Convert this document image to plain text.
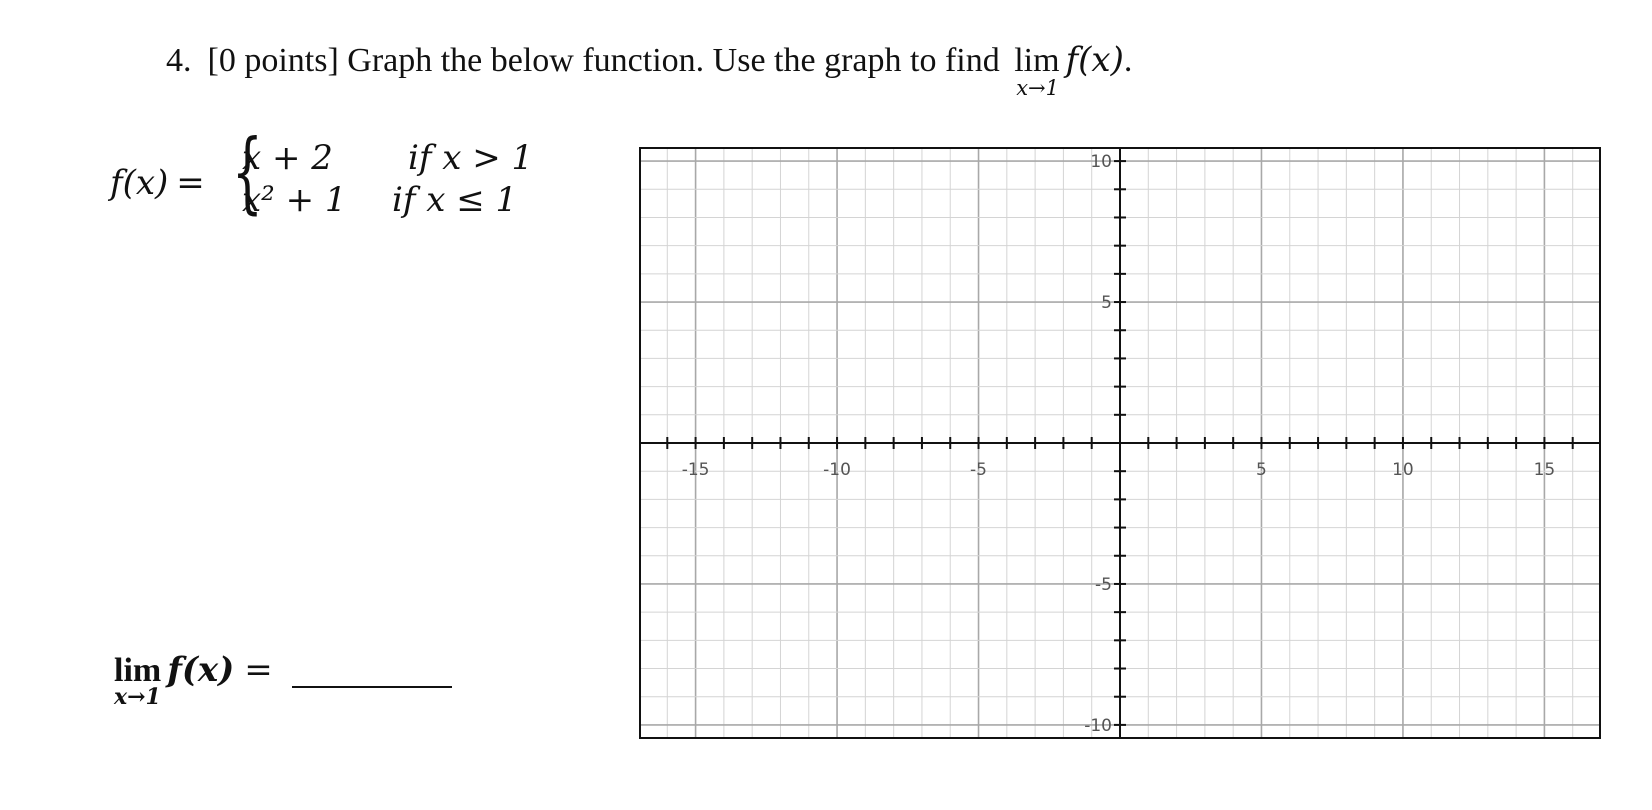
4. [0 points] Graph the below function. Use the graph to find lim
x→1
f(x).
f(x) = {
x + 2 if x > 1
x² + 1 if x ≤ 1
lim f(x) =
x→1
-15	-10	-5	5	10	15
10
5
-5
-10
